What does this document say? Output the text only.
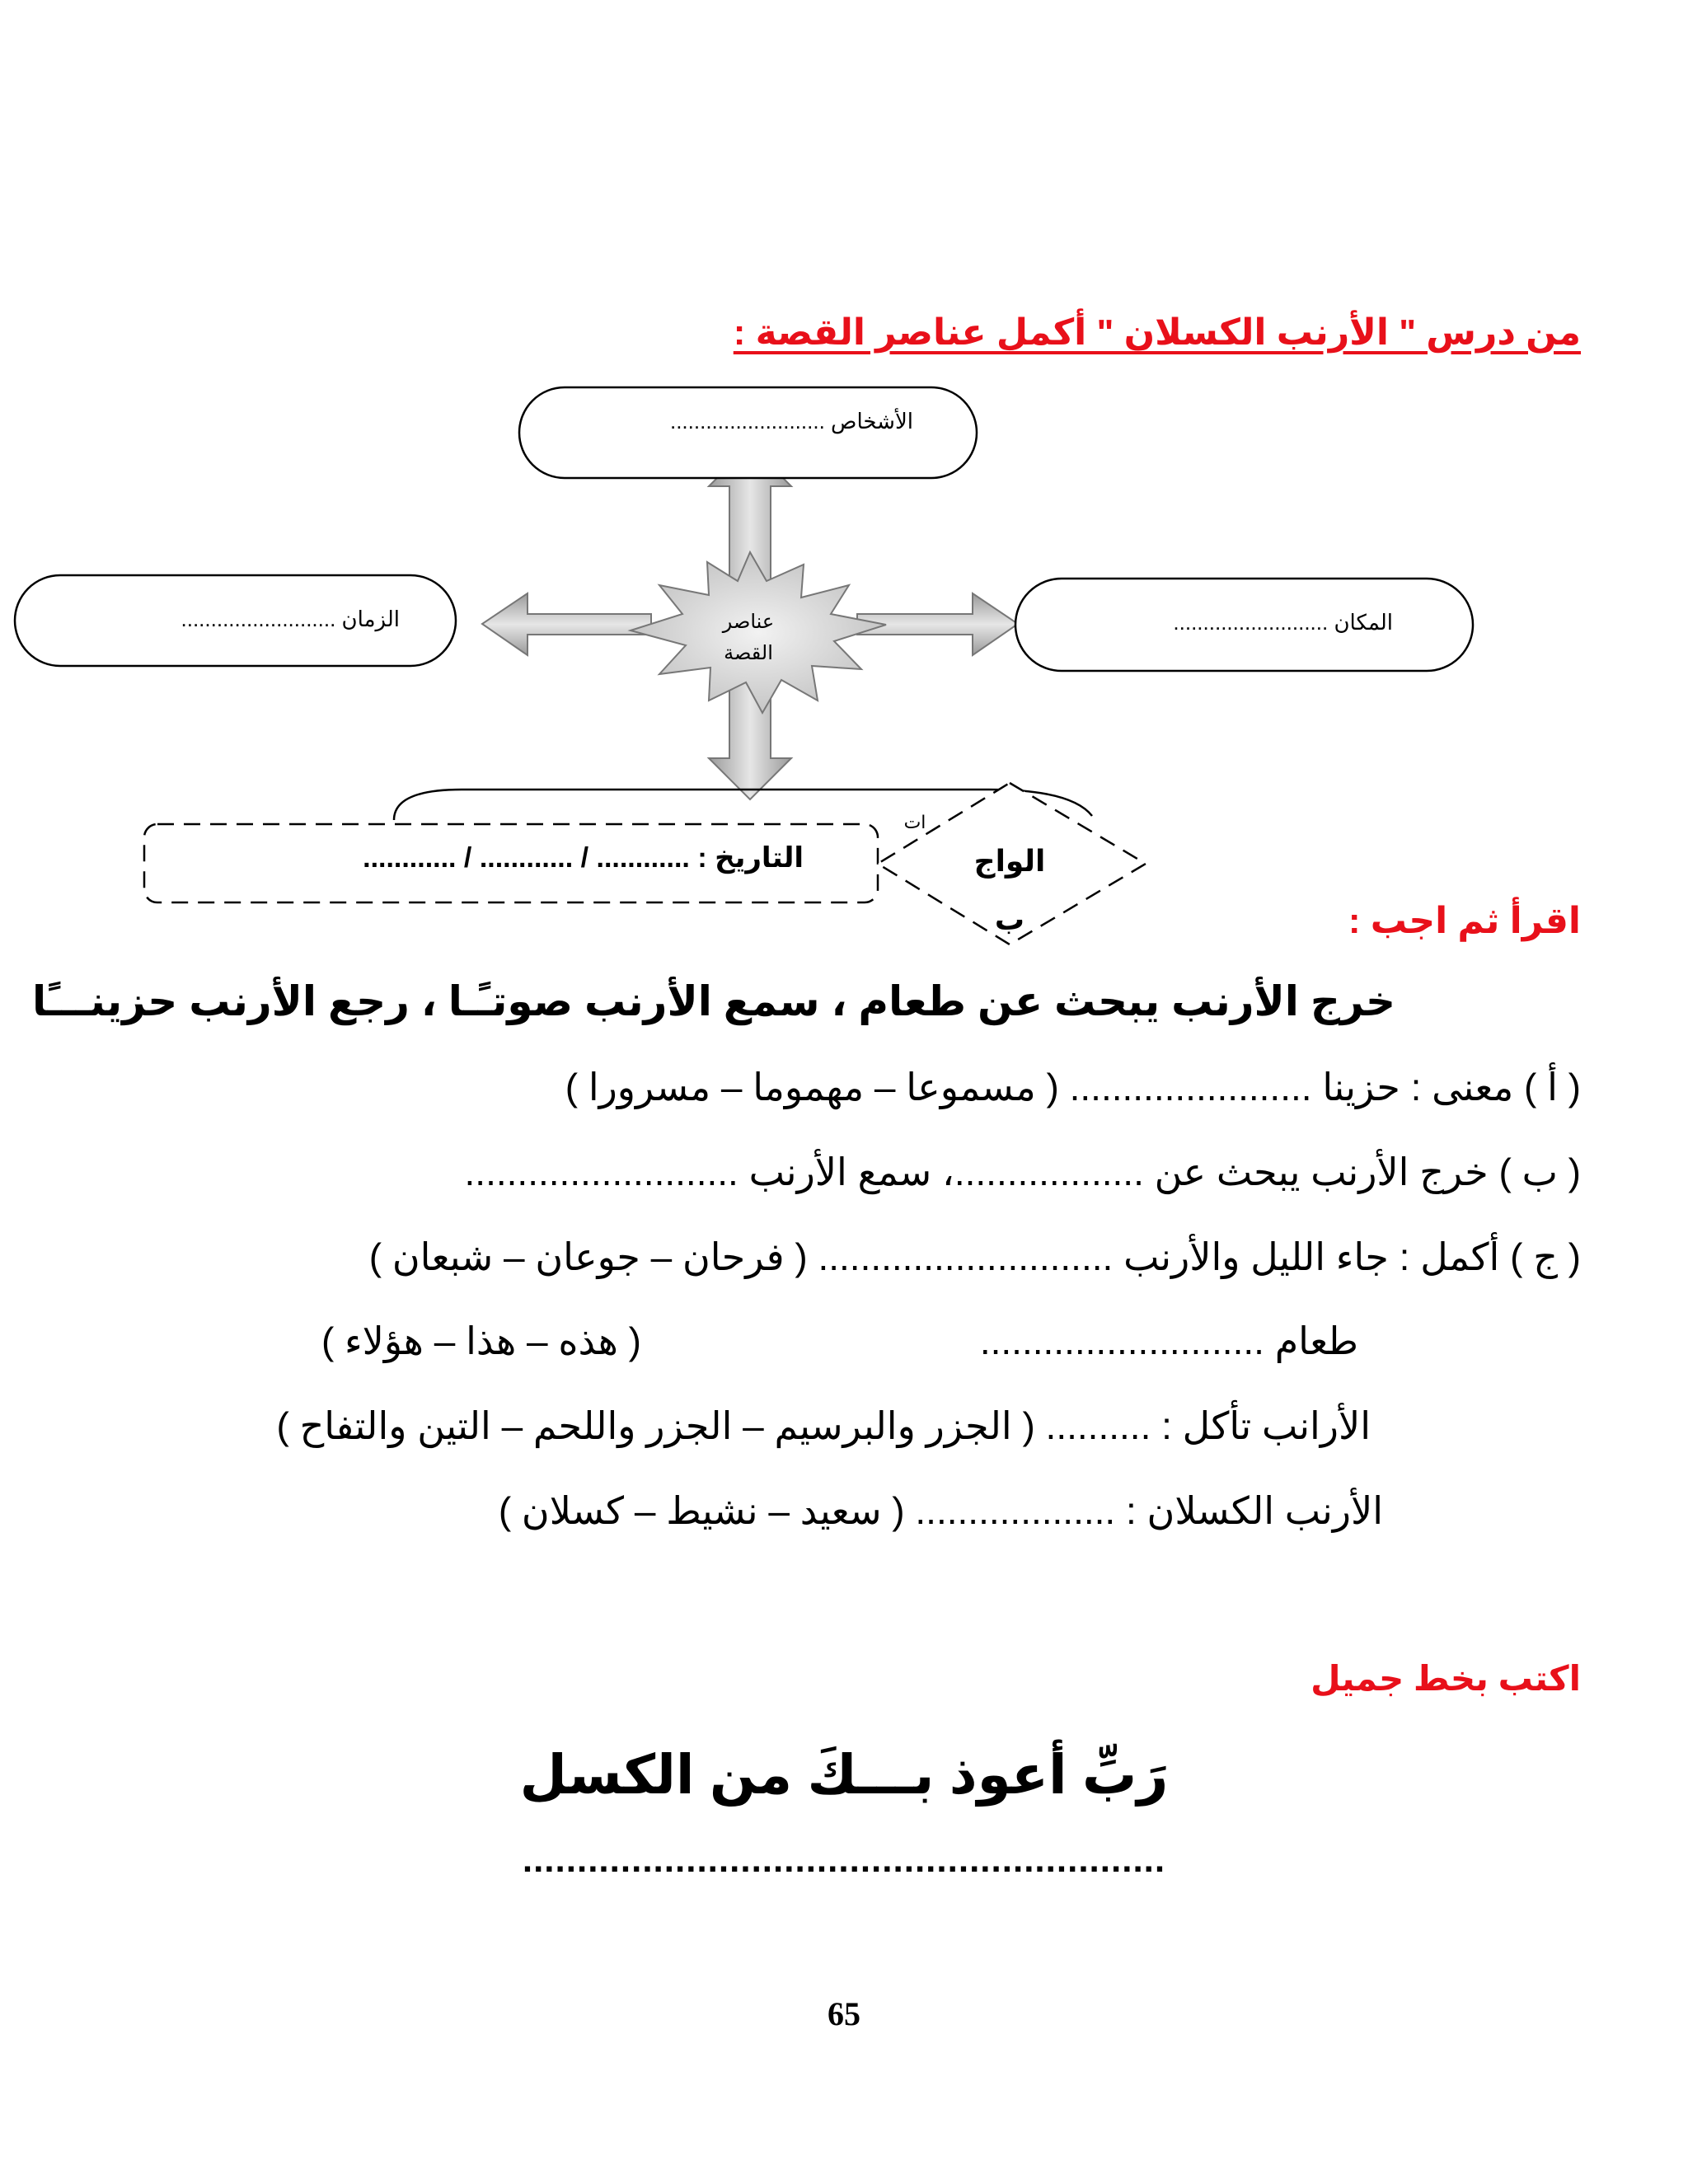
من درس " الأرنب الكسلان " أكمل عناصر القصة :
عناصر
القصة
الأشخاص ..........................
الزمان ..........................	المكان ..........................
التاريخ : ............ / ............ / ............	الواج
ب
ات
اقرأ ثم اجب :
خرج الأرنب يبحث عن طعام ، سمع الأرنب صوتـًـا ، رجع الأرنب حزينـــًا
( أ ) معنى : حزينا ....................... ( مسموعا – مهموما – مسرورا )
( ب ) خرج الأرنب يبحث عن ..................، سمع الأرنب ..........................
( ج ) أكمل : جاء الليل والأرنب ............................ ( فرحان – جوعان – شبعان )
طعام ...........................
( هذه – هذا – هؤلاء )
الأرانب تأكل : .......... ( الجزر والبرسيم – الجزر واللحم – التين والتفاح )
الأرنب الكسلان : ................... ( سعيد – نشيط – كسلان )
اكتب بخط جميل
رَبِّ أعوذ بـــكَ من الكسل
...........................................................
65
